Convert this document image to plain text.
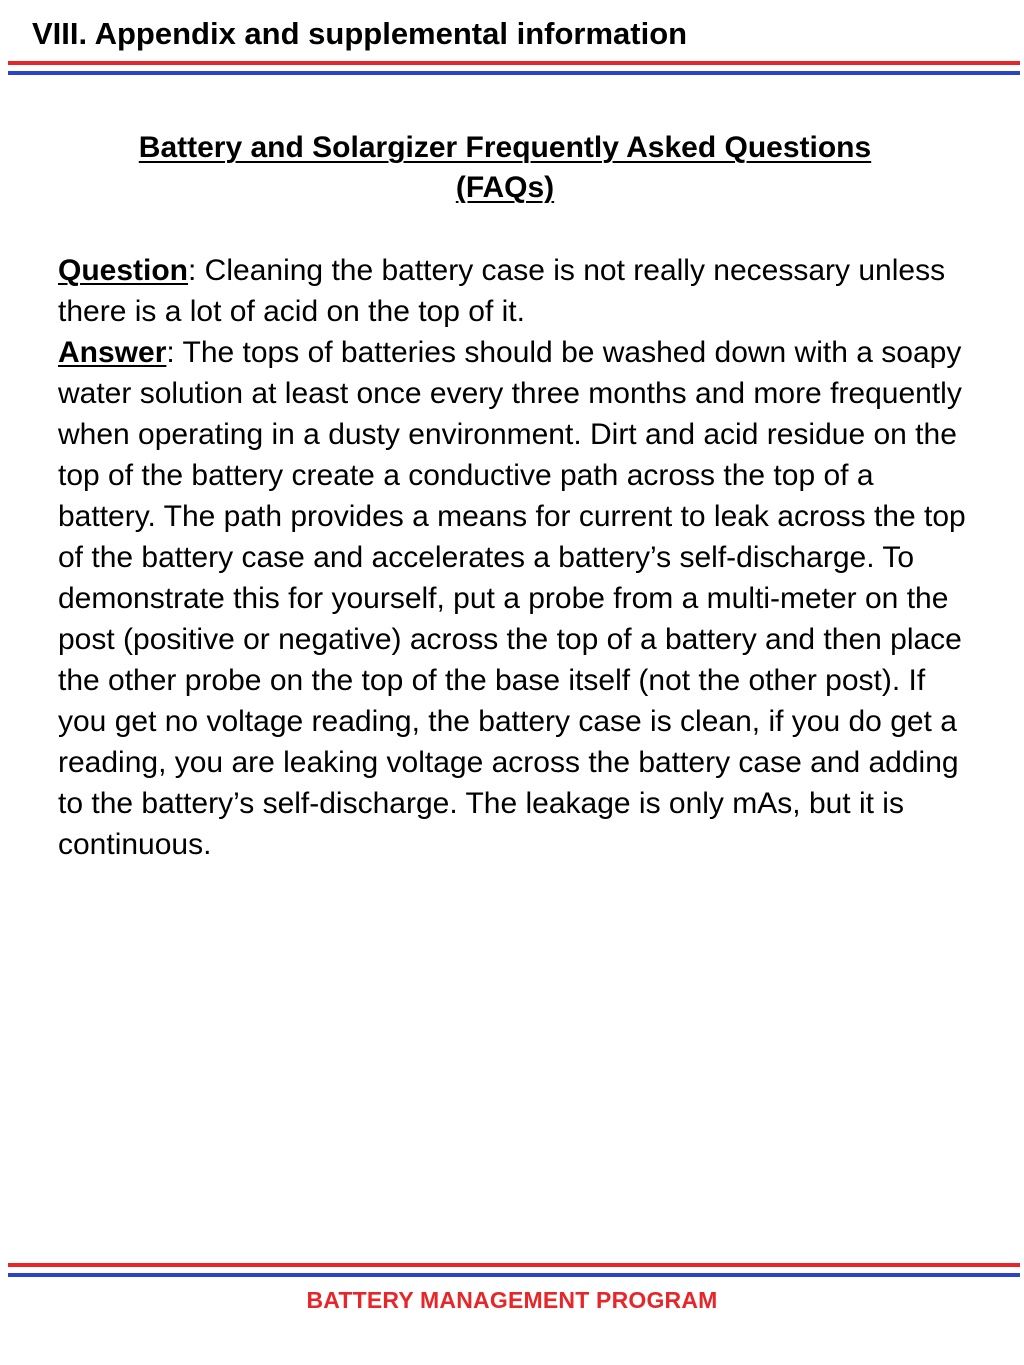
VIII. Appendix and supplemental information
Battery and Solargizer Frequently Asked Questions
(FAQs)

Question: Cleaning the battery case is not really necessary unless there is a lot of acid on the top of it.

Answer: The tops of batteries should be washed down with a soapy water solution at least once every three months and more frequently when operating in a dusty environment. Dirt and acid residue on the top of the battery create a conductive path across the top of a battery. The path provides a means for current to leak across the top of the battery case and accelerates a battery’s self-discharge. To demonstrate this for yourself, put a probe from a multi-meter on the post (positive or negative) across the top of a battery and then place the other probe on the top of the base itself (not the other post). If you get no voltage reading, the battery case is clean, if you do get a reading, you are leaking voltage across the battery case and adding to the battery’s self-discharge. The leakage is only mAs, but it is continuous.

BATTERY MANAGEMENT PROGRAM
